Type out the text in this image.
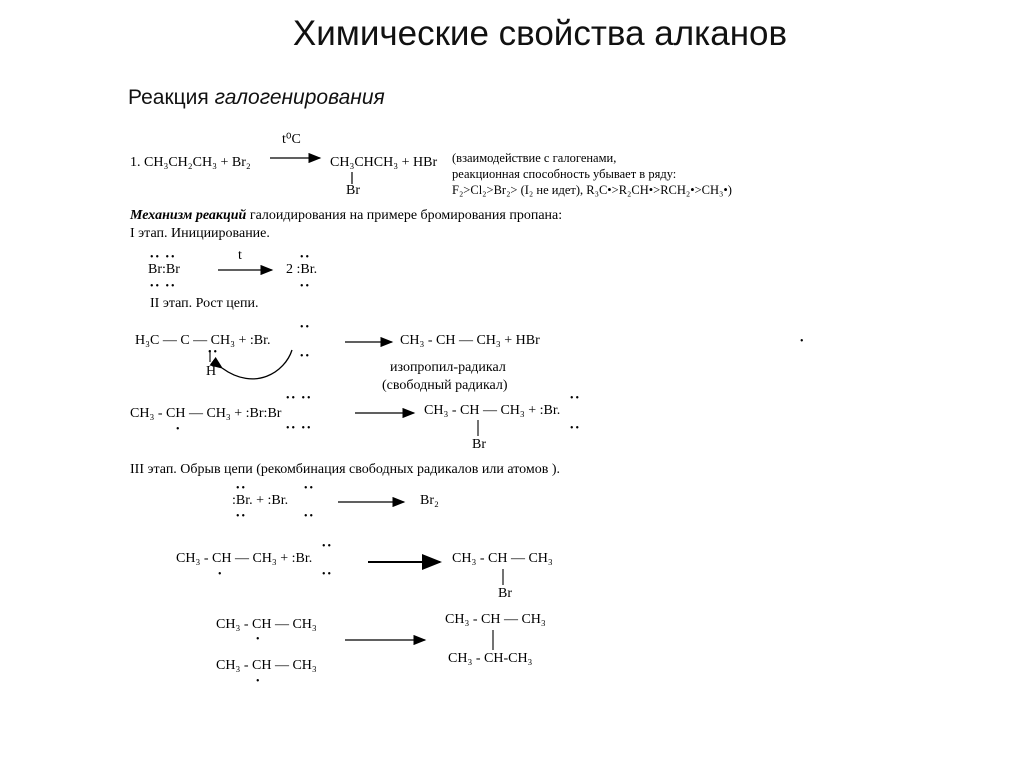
Химические свойства алканов
Реакция галогенирования
1. CH₃CH₂CH₃ + Br₂
t⁰C
CH₃CHCH₃ + HBr
Br
(взаимодействие с галогенами,
реакционная способность убывает в ряду:
F₂>Cl₂>Br₂> (I₂ не идет), R₃C•>R₂CH•>RCH₂•>CH₃•)
Механизм реакций галоидирования на примере бромирования пропана:
I этап. Инициирование.
Br:Br
t
2 :Br.
II этап. Рост цепи.
H₃C — C — CH₃ + :Br.
H
CH₃ - CH — CH₃ + HBr
изопропил-радикал
(свободный радикал)
CH₃ - CH — CH₃ + :Br:Br	CH₃ - CH — CH₃ + :Br.
Br
III этап. Обрыв цепи (рекомбинация свободных радикалов или атомов ).
:Br. + :Br.	Br₂
CH₃ - CH — CH₃ + :Br.	CH₃ - CH — CH₃
Br
CH₃ - CH — CH₃
CH₃ - CH — CH₃
CH₃ - CH — CH₃
CH₃ - CH-CH₃
•• ••
•• ••
••
••
••
••
••
•• ••
•• ••
••
••
••
••
••
••
••
••
•
•
•
•
•
